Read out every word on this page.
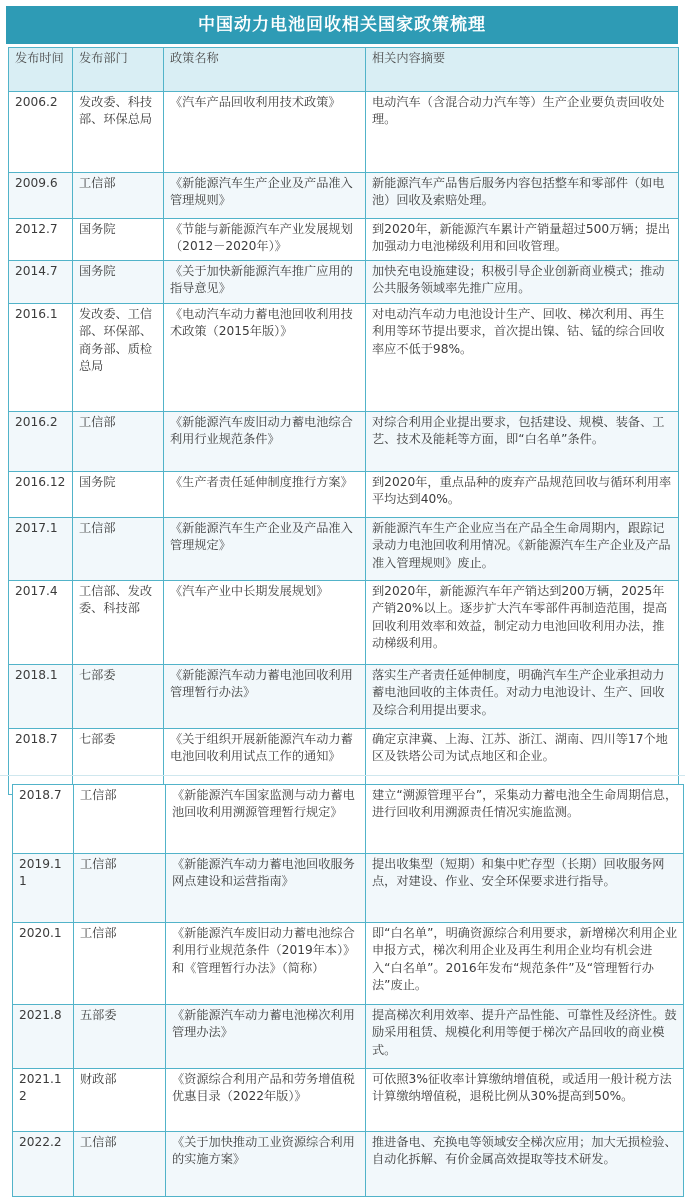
中国动力电池回收相关国家政策梳理
发布时间	发布部门	政策名称	相关内容摘要
2006.2	发改委、科技部、环保总局	《汽车产品回收利用技术政策》	电动汽车（含混合动力汽车等）生产企业要负责回收处理。
2009.6	工信部	《新能源汽车生产企业及产品准入管理规则》	新能源汽车产品售后服务内容包括整车和零部件（如电池）回收及索赔处理。
2012.7	国务院	《节能与新能源汽车产业发展规划（2012－2020年）》	到2020年，新能源汽车累计产销量超过500万辆；提出加强动力电池梯级利用和回收管理。
2014.7	国务院	《关于加快新能源汽车推广应用的指导意见》	加快充电设施建设；积极引导企业创新商业模式；推动公共服务领域率先推广应用。
2016.1	发改委、工信部、环保部、商务部、质检总局	《电动汽车动力蓄电池回收利用技术政策（2015年版）》	对电动汽车动力电池设计生产、回收、梯次利用、再生利用等环节提出要求，首次提出镍、钴、锰的综合回收率应不低于98%。
2016.2	工信部	《新能源汽车废旧动力蓄电池综合利用行业规范条件》	对综合利用企业提出要求，包括建设、规模、装备、工艺、技术及能耗等方面，即“白名单”条件。
2016.12	国务院	《生产者责任延伸制度推行方案》	到2020年，重点品种的废弃产品规范回收与循环利用率平均达到40%。
2017.1	工信部	《新能源汽车生产企业及产品准入管理规定》	新能源汽车生产企业应当在产品全生命周期内，跟踪记录动力电池回收利用情况。《新能源汽车生产企业及产品准入管理规则》废止。
2017.4	工信部、发改委、科技部	《汽车产业中长期发展规划》	到2020年，新能源汽车年产销达到200万辆，2025年产销20%以上。逐步扩大汽车零部件再制造范围，提高回收利用效率和效益，制定动力电池回收利用办法，推动梯级利用。
2018.1	七部委	《新能源汽车动力蓄电池回收利用管理暂行办法》	落实生产者责任延伸制度，明确汽车生产企业承担动力蓄电池回收的主体责任。对动力电池设计、生产、回收及综合利用提出要求。
2018.7	七部委	《关于组织开展新能源汽车动力蓄电池回收利用试点工作的通知》	确定京津冀、上海、江苏、浙江、湖南、四川等17个地区及铁塔公司为试点地区和企业。
2018.7	工信部	《新能源汽车国家监测与动力蓄电池回收利用溯源管理暂行规定》	建立“溯源管理平台”，采集动力蓄电池全生命周期信息，进行回收利用溯源责任情况实施监测。
2019.11	工信部	《新能源汽车动力蓄电池回收服务网点建设和运营指南》	提出收集型（短期）和集中贮存型（长期）回收服务网点，对建设、作业、安全环保要求进行指导。
2020.1	工信部	《新能源汽车废旧动力蓄电池综合利用行业规范条件（2019年本）》和《管理暂行办法》（简称）	即“白名单”，明确资源综合利用要求，新增梯次利用企业申报方式，梯次利用企业及再生利用企业均有机会进入“白名单”。2016年发布“规范条件”及“管理暂行办法”废止。
2021.8	五部委	《新能源汽车动力蓄电池梯次利用管理办法》	提高梯次利用效率、提升产品性能、可靠性及经济性。鼓励采用租赁、规模化利用等便于梯次产品回收的商业模式。
2021.12	财政部	《资源综合利用产品和劳务增值税优惠目录（2022年版）》	可依照3%征收率计算缴纳增值税，或适用一般计税方法计算缴纳增值税，退税比例从30%提高到50%。
2022.2	工信部	《关于加快推动工业资源综合利用的实施方案》	推进备电、充换电等领域安全梯次应用；加大无损检验、自动化拆解、有价金属高效提取等技术研发。
